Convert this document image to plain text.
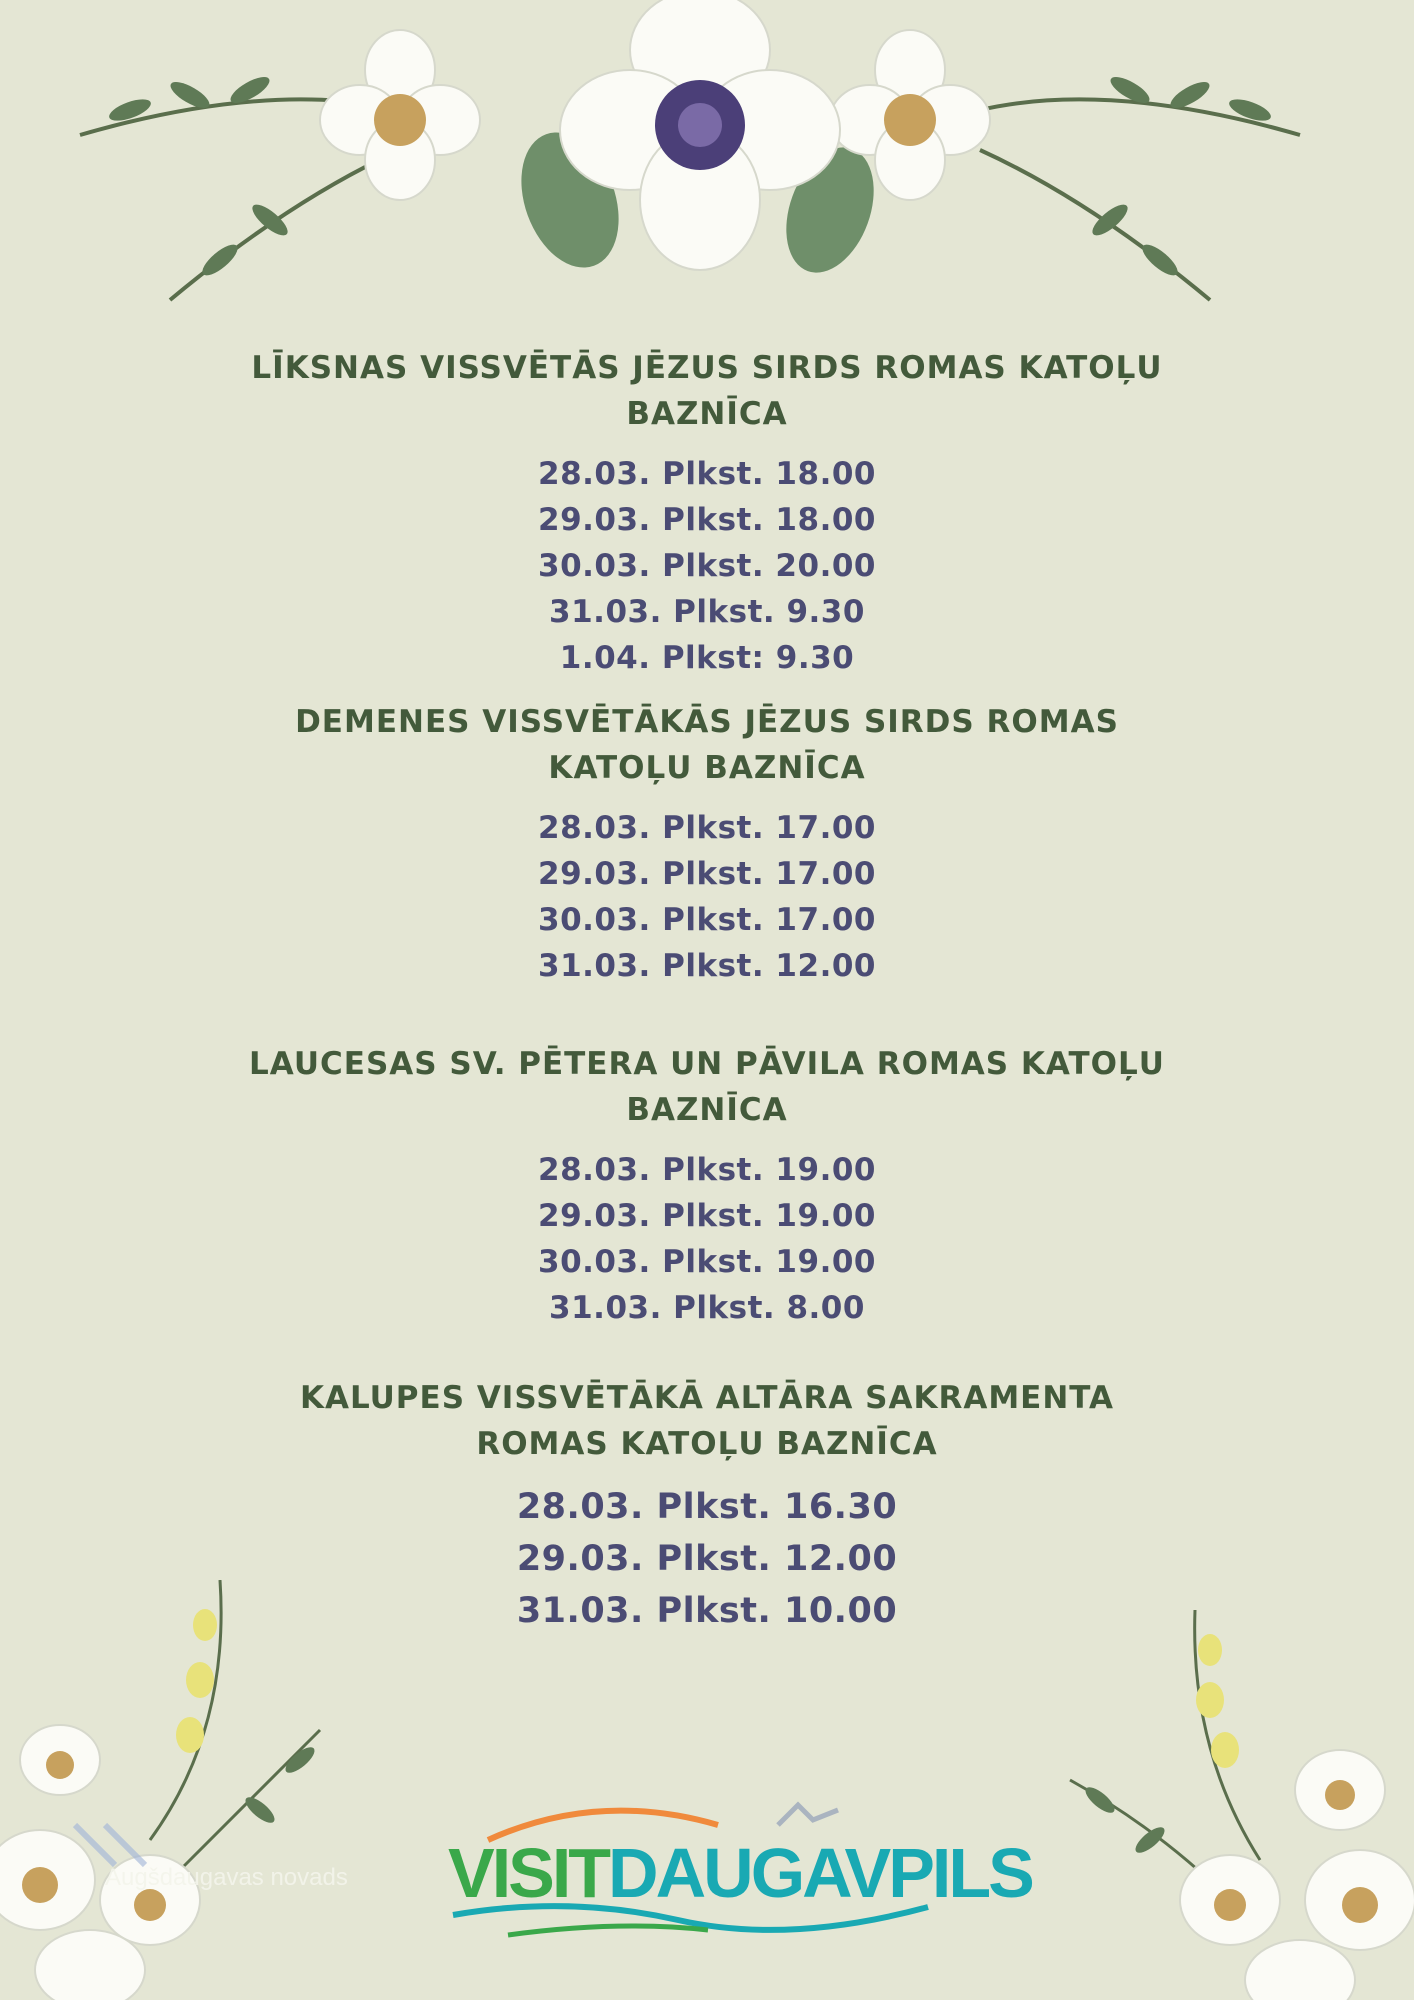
LĪKSNAS VISSVĒTĀS JĒZUS SIRDS ROMAS KATOĻU BAZNĪCA
28.03. Plkst. 18.00
29.03. Plkst. 18.00
30.03. Plkst. 20.00
31.03. Plkst. 9.30
1.04. Plkst: 9.30
DEMENES VISSVĒTĀKĀS JĒZUS SIRDS ROMAS KATOĻU BAZNĪCA
28.03. Plkst. 17.00
29.03. Plkst. 17.00
30.03. Plkst. 17.00
31.03. Plkst. 12.00
LAUCESAS SV. PĒTERA UN PĀVILA ROMAS KATOĻU BAZNĪCA
28.03. Plkst. 19.00
29.03. Plkst. 19.00
30.03. Plkst. 19.00
31.03. Plkst. 8.00
KALUPES VISSVĒTĀKĀ ALTĀRA SAKRAMENTA ROMAS KATOĻU BAZNĪCA
28.03. Plkst. 16.30
29.03. Plkst. 12.00
31.03. Plkst. 10.00
Augšdaugavas novads VISITDAUGAVPILS
